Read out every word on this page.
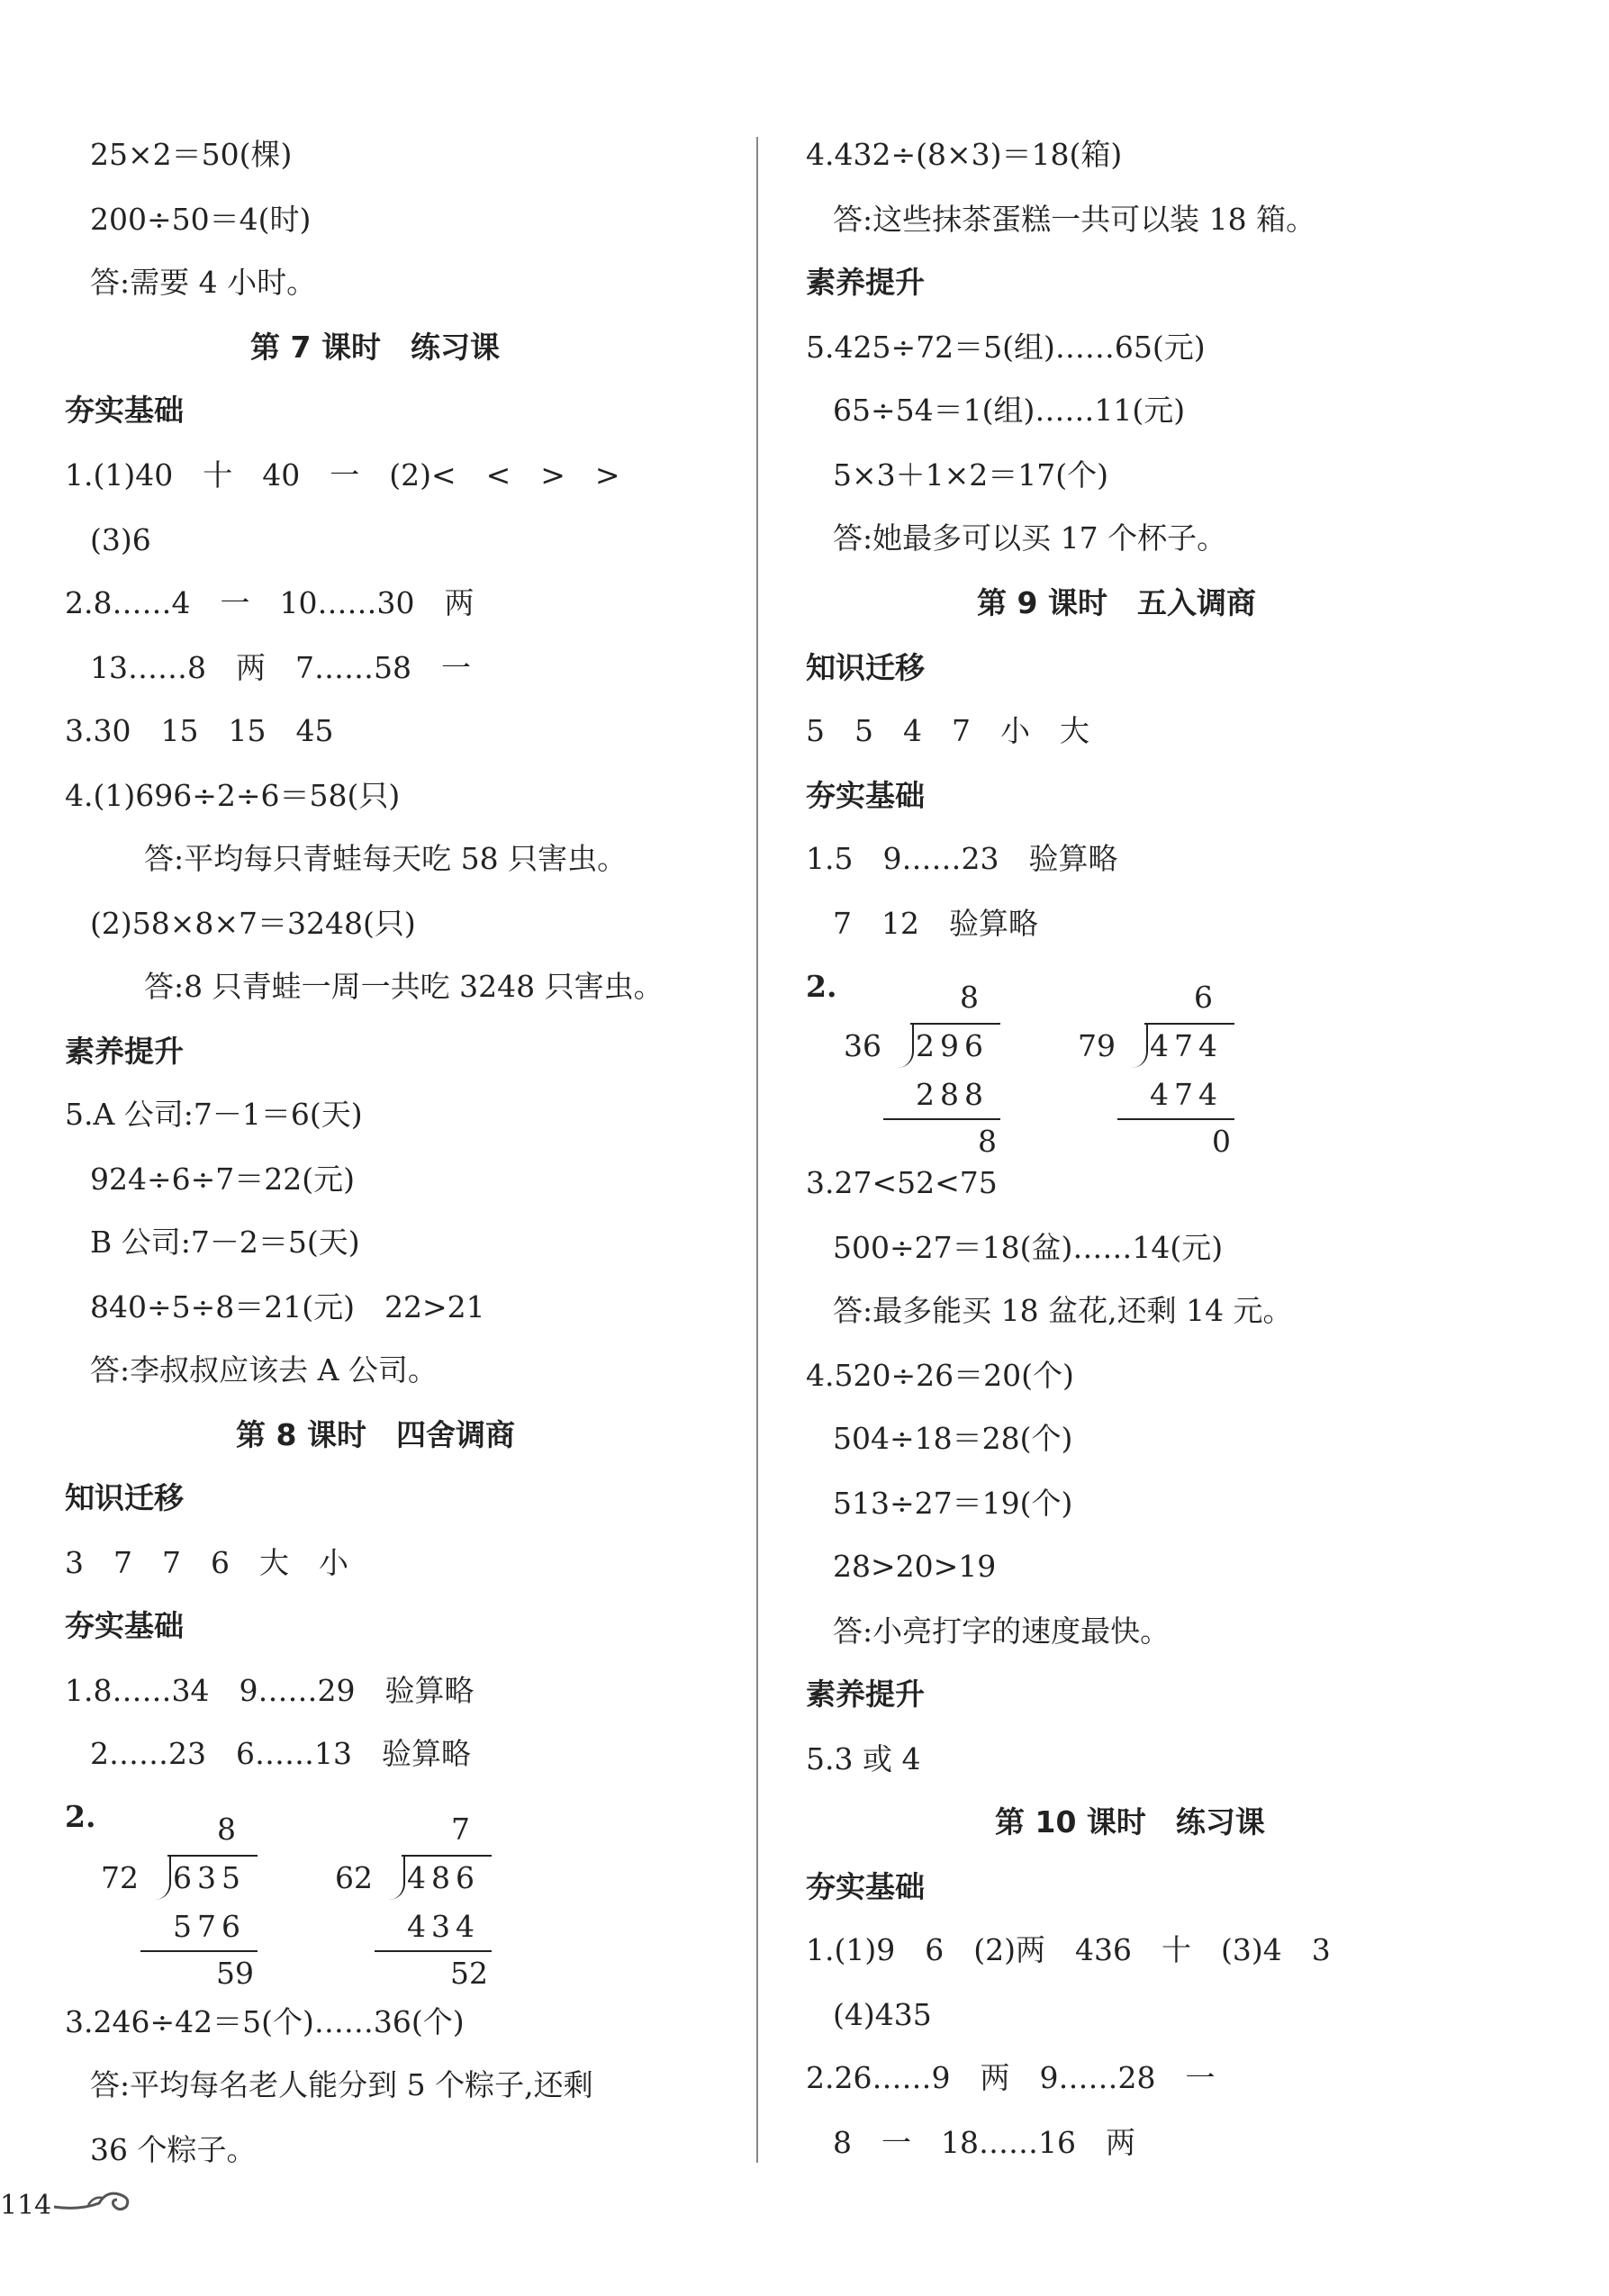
25×2＝50(棵)
200÷50＝4(时)
答:需要 4 小时。
第 7 课时　练习课
夯实基础
1.(1)40　十　40　一　(2)<　<　>　>
(3)6
2.8……4　一　10……30　两
13……8　两　7……58　一
3.30　15　15　45
4.(1)696÷2÷6＝58(只)
答:平均每只青蛙每天吃 58 只害虫。
(2)58×8×7＝3248(只)
答:8 只青蛙一周一共吃 3248 只害虫。
素养提升
5.A 公司:7－1＝6(天)
924÷6÷7＝22(元)
B 公司:7－2＝5(天)
840÷5÷8＝21(元)　22>21
答:李叔叔应该去 A 公司。
第 8 课时　四舍调商
知识迁移
3　7　7　6　大　小
夯实基础
1.8……34　9……29　验算略
2……23　6……13　验算略
2.	8
72 635
576
59
7
62 486
434
52
3.246÷42＝5(个)……36(个)
答:平均每名老人能分到 5 个粽子,还剩
36 个粽子。
4.432÷(8×3)＝18(箱)
答:这些抹茶蛋糕一共可以装 18 箱。
素养提升
5.425÷72＝5(组)……65(元)
65÷54＝1(组)……11(元)
5×3＋1×2＝17(个)
答:她最多可以买 17 个杯子。
第 9 课时　五入调商
知识迁移
5　5　4　7　小　大
夯实基础
1.5　9……23　验算略
7　12　验算略
2.	8
36 296
288
8
6
79 474
474
0
3.27<52<75
500÷27＝18(盆)……14(元)
答:最多能买 18 盆花,还剩 14 元。
4.520÷26＝20(个)
504÷18＝28(个)
513÷27＝19(个)
28>20>19
答:小亮打字的速度最快。
素养提升
5.3 或 4
第 10 课时　练习课
夯实基础
1.(1)9　6　(2)两　436　十　(3)4　3
(4)435
2.26……9　两　9……28　一
8　一　18……16　两
114
